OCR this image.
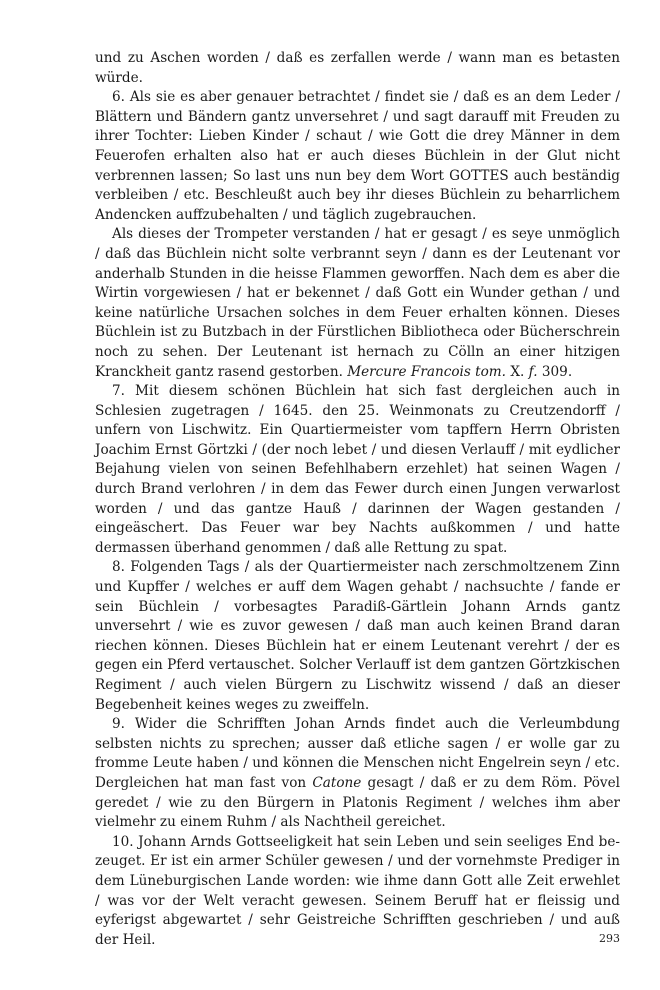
und zu Aschen worden / daß es zerfallen werde / wann man es betasten würde.

6. Als sie es aber genauer betrachtet / findet sie / daß es an dem Leder / Blättern und Bändern gantz unversehret / und sagt darauff mit Freuden zu ihrer Tochter: Lieben Kinder / schaut / wie Gott die drey Männer in dem Feuerofen erhalten also hat er auch dieses Büchlein in der Glut nicht verbrennen lassen; So last uns nun bey dem Wort GOTTES auch beständig verbleiben / etc. Beschleußt auch bey ihr dieses Büchlein zu beharrlichem Andencken auffzubehalten / und täglich zugebrauchen.

Als dieses der Trompeter verstanden / hat er gesagt / es seye unmöglich / daß das Büchlein nicht solte verbrannt seyn / dann es der Leutenant vor anderhalb Stunden in die heisse Flammen geworffen. Nach dem es aber die Wirtin vorgewiesen / hat er bekennet / daß Gott ein Wunder gethan / und keine natürliche Ursachen solches in dem Feuer erhalten können. Dieses Büchlein ist zu Butzbach in der Fürstlichen Bibliotheca oder Bücherschrein noch zu sehen. Der Leutenant ist hernach zu Cölln an einer hitzigen Kranckheit gantz rasend gestorben. Mercure Francois tom. X. f. 309.

7. Mit diesem schönen Büchlein hat sich fast dergleichen auch in Schlesien zugetragen / 1645. den 25. Weinmonats zu Creutzendorff / unfern von Lischwitz. Ein Quartiermeister vom tapffern Herrn Obristen Joachim Ernst Görtzki / (der noch lebet / und diesen Verlauff / mit eydlicher Bejahung vielen von seinen Befehlhabern erzehlet) hat seinen Wagen / durch Brand verlohren / in dem das Fewer durch einen Jungen verwarlost worden / und das gantze Hauß / darinnen der Wagen gestanden / eingeäschert. Das Feuer war bey Nachts außkommen / und hatte dermassen überhand genommen / daß alle Rettung zu spat.

8. Folgenden Tags / als der Quartiermeister nach zerschmoltzenem Zinn und Kupffer / welches er auff dem Wagen gehabt / nachsuchte / fande er sein Büchlein / vorbesagtes Paradiß-Gärtlein Johann Arnds gantz unversehrt / wie es zuvor gewesen / daß man auch keinen Brand daran riechen können. Dieses Büchlein hat er einem Leutenant verehrt / der es gegen ein Pferd vertauschet. Solcher Verlauff ist dem gantzen Görtzkischen Regiment / auch vielen Bürgern zu Lischwitz wissend / daß an dieser Begebenheit keines weges zu zweiffeln.

9. Wider die Schrifften Johan Arnds findet auch die Verleumbdung selbsten nichts zu sprechen; ausser daß etliche sagen / er wolle gar zu fromme Leute haben / und können die Menschen nicht Engelrein seyn / etc. Dergleichen hat man fast von Catone gesagt / daß er zu dem Röm. Pövel geredet / wie zu den Bürgern in Platonis Regiment / welches ihm aber vielmehr zu einem Ruhm / als Nachtheil gereichet.

10. Johann Arnds Gottseeligkeit hat sein Leben und sein seeliges End bezeuget. Er ist ein armer Schüler gewesen / und der vornehmste Prediger in dem Lüneburgischen Lande worden: wie ihme dann Gott alle Zeit erwehlet / was vor der Welt veracht gewesen. Seinem Beruff hat er fleissig und eyferigst abgewartet / sehr Geistreiche Schrifften geschrieben / und auß der Heil.	293
